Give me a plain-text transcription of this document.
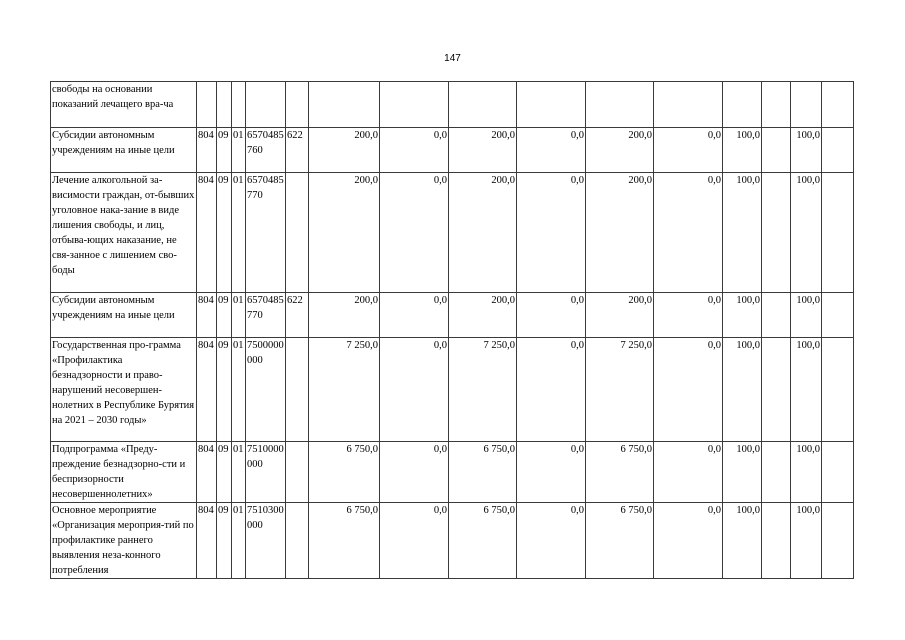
147
свободы на основании показаний лечащего вра-ча															
Субсидии автономным учреждениям на иные цели	804	09	01	6570485760	622	200,0	0,0	200,0	0,0	200,0	0,0	100,0		100,0	
Лечение алкогольной за-висимости граждан, от-бывших уголовное нака-зание в виде лишения свободы, и лиц, отбыва-ющих наказание, не свя-занное с лишением сво-боды	804	09	01	6570485770		200,0	0,0	200,0	0,0	200,0	0,0	100,0		100,0	
Субсидии автономным учреждениям на иные цели	804	09	01	6570485770	622	200,0	0,0	200,0	0,0	200,0	0,0	100,0		100,0	
Государственная про-грамма «Профилактика безнадзорности и право-нарушений несовершен-нолетних в Республике Бурятия на 2021 – 2030 годы»	804	09	01	7500000000		7 250,0	0,0	7 250,0	0,0	7 250,0	0,0	100,0		100,0	
Подпрограмма «Преду-преждение безнадзорно-сти и беспризорности несовершеннолетних»	804	09	01	7510000000		6 750,0	0,0	6 750,0	0,0	6 750,0	0,0	100,0		100,0	
Основное мероприятие «Организация мероприя-тий по профилактике раннего выявления неза-конного потребления	804	09	01	7510300000		6 750,0	0,0	6 750,0	0,0	6 750,0	0,0	100,0		100,0	
